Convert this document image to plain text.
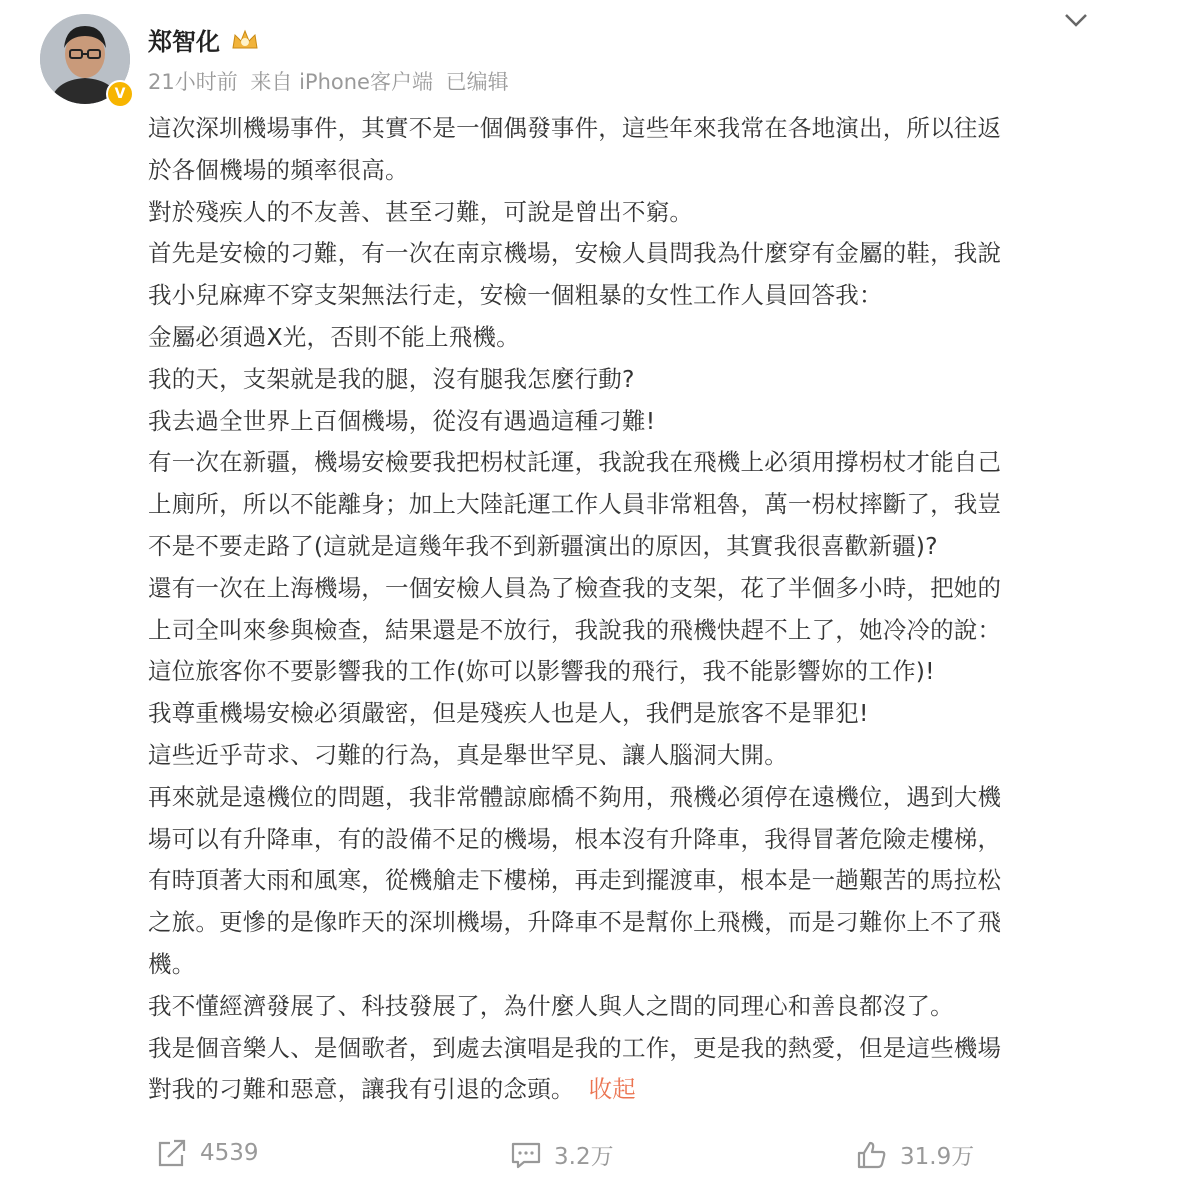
V
郑智化
21小时前 来自 iPhone客户端 已编辑

這次深圳機場事件，其實不是一個偶發事件，這些年來我常在各地演出，所以往返

於各個機場的頻率很高。

對於殘疾人的不友善、甚至刁難，可說是曾出不窮。

首先是安檢的刁難，有一次在南京機場，安檢人員問我為什麼穿有金屬的鞋，我說

我小兒麻痺不穿支架無法行走，安檢一個粗暴的女性工作人員回答我：

金屬必須過X光，否則不能上飛機。

我的天，支架就是我的腿，沒有腿我怎麼行動?

我去過全世界上百個機場，從沒有遇過這種刁難!

有一次在新疆，機場安檢要我把枴杖託運，我說我在飛機上必須用撐枴杖才能自己

上廁所，所以不能離身；加上大陸託運工作人員非常粗魯，萬一枴杖摔斷了，我豈

不是不要走路了(這就是這幾年我不到新疆演出的原因，其實我很喜歡新疆)?

還有一次在上海機場，一個安檢人員為了檢查我的支架，花了半個多小時，把她的

上司全叫來參與檢查，結果還是不放行，我說我的飛機快趕不上了，她冷冷的說：

這位旅客你不要影響我的工作(妳可以影響我的飛行，我不能影響妳的工作)!

我尊重機場安檢必須嚴密，但是殘疾人也是人，我們是旅客不是罪犯!

這些近乎苛求、刁難的行為，真是舉世罕見、讓人腦洞大開。

再來就是遠機位的問題，我非常體諒廊橋不夠用，飛機必須停在遠機位，遇到大機

場可以有升降車，有的設備不足的機場，根本沒有升降車，我得冒著危險走樓梯，

有時頂著大雨和風寒，從機艙走下樓梯，再走到擺渡車，根本是一趟艱苦的馬拉松

之旅。更慘的是像昨天的深圳機場，升降車不是幫你上飛機，而是刁難你上不了飛

機。

我不懂經濟發展了、科技發展了，為什麼人與人之間的同理心和善良都沒了。

我是個音樂人、是個歌者，到處去演唱是我的工作，更是我的熱愛，但是這些機場

對我的刁難和惡意，讓我有引退的念頭。 收起

4539	3.2万	31.9万
